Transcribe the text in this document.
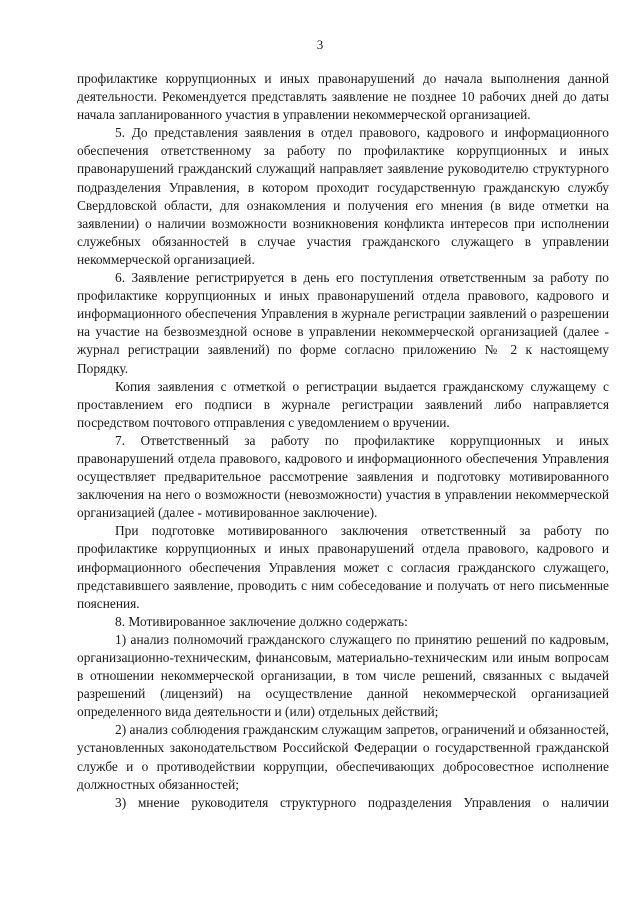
3

профилактике коррупционных и иных правонарушений до начала выполнения данной деятельности. Рекомендуется представлять заявление не позднее 10 рабочих дней до даты начала запланированного участия в управлении некоммерческой организацией.

5. До представления заявления в отдел правового, кадрового и информационного обеспечения ответственному за работу по профилактике коррупционных и иных правонарушений гражданский служащий направляет заявление руководителю структурного подразделения Управления, в котором проходит государственную гражданскую службу Свердловской области, для ознакомления и получения его мнения (в виде отметки на заявлении) о наличии возможности возникновения конфликта интересов при исполнении служебных обязанностей в случае участия гражданского служащего в управлении некоммерческой организацией.

6. Заявление регистрируется в день его поступления ответственным за работу по профилактике коррупционных и иных правонарушений отдела правового, кадрового и информационного обеспечения Управления в журнале регистрации заявлений о разрешении на участие на безвозмездной основе в управлении некоммерческой организацией (далее - журнал регистрации заявлений) по форме согласно приложению № 2 к настоящему Порядку.

Копия заявления с отметкой о регистрации выдается гражданскому служащему с проставлением его подписи в журнале регистрации заявлений либо направляется посредством почтового отправления с уведомлением о вручении.

7. Ответственный за работу по профилактике коррупционных и иных правонарушений отдела правового, кадрового и информационного обеспечения Управления осуществляет предварительное рассмотрение заявления и подготовку мотивированного заключения на него о возможности (невозможности) участия в управлении некоммерческой организацией (далее - мотивированное заключение).

При подготовке мотивированного заключения ответственный за работу по профилактике коррупционных и иных правонарушений отдела правового, кадрового и информационного обеспечения Управления может с согласия гражданского служащего, представившего заявление, проводить с ним собеседование и получать от него письменные пояснения.

8. Мотивированное заключение должно содержать:

1) анализ полномочий гражданского служащего по принятию решений по кадровым, организационно-техническим, финансовым, материально-техническим или иным вопросам в отношении некоммерческой организации, в том числе решений, связанных с выдачей разрешений (лицензий) на осуществление данной некоммерческой организацией определенного вида деятельности и (или) отдельных действий;

2) анализ соблюдения гражданским служащим запретов, ограничений и обязанностей, установленных законодательством Российской Федерации о государственной гражданской службе и о противодействии коррупции, обеспечивающих добросовестное исполнение должностных обязанностей;

3) мнение руководителя структурного подразделения Управления о наличии
